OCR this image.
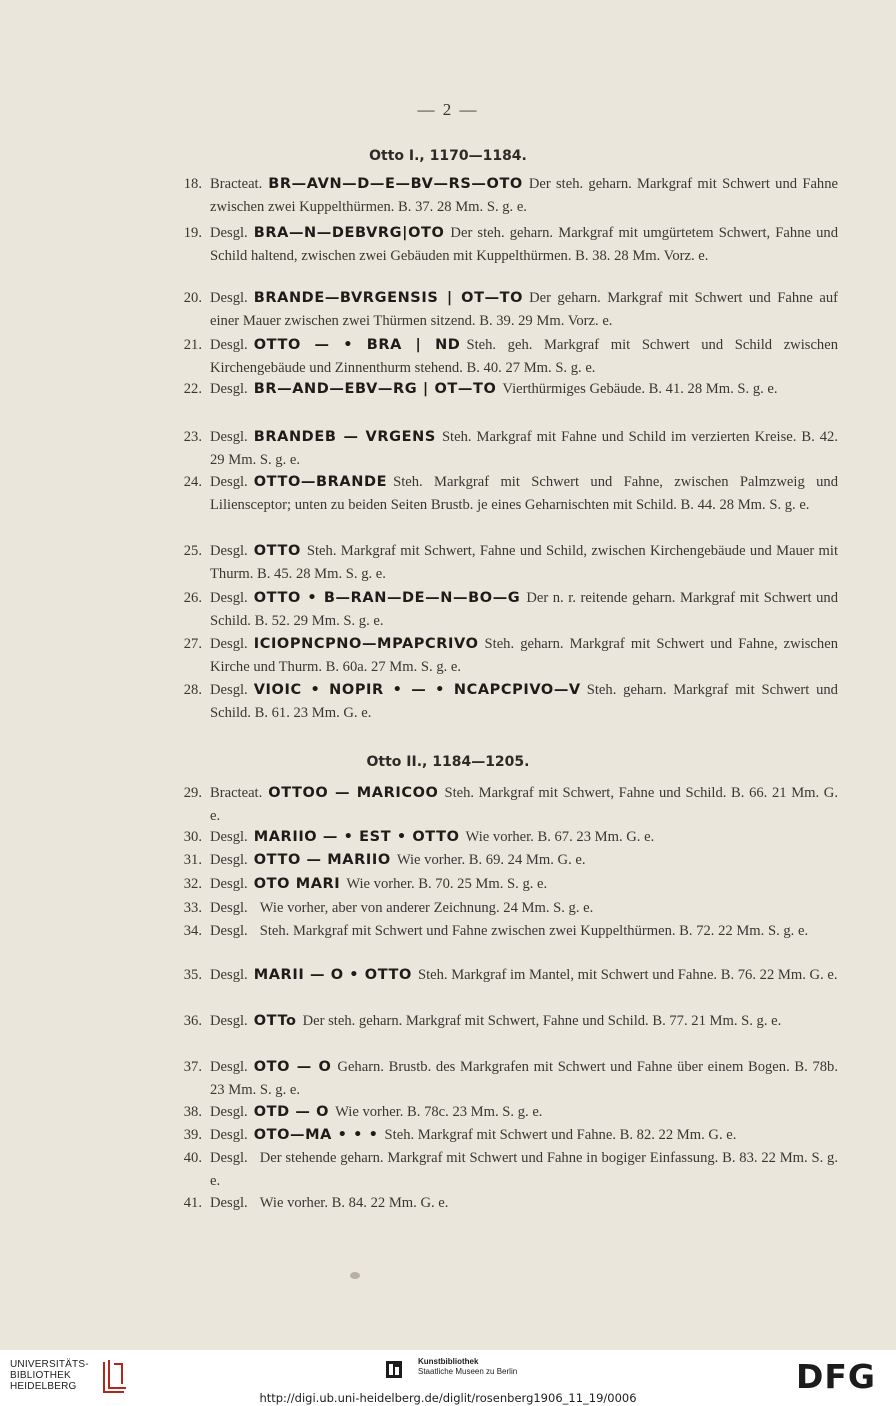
— 2 —
Otto I., 1170—1184.
Otto II., 1184—1205.
18. Bracteat. BR—AVN—D—E—BV—RS—OTO Der steh. geharn. Markgraf mit Schwert und Fahne zwischen zwei Kuppelthürmen. B. 37. 28 Mm. S. g. e.
19. Desgl. BRA—N—DEBVRG|OTO Der steh. geharn. Markgraf mit umgürtetem Schwert, Fahne und Schild haltend, zwischen zwei Gebäuden mit Kuppelthürmen. B. 38. 28 Mm. Vorz. e.
20. Desgl. BRANDE—BVRGENSIS | OT—TO Der geharn. Markgraf mit Schwert und Fahne auf einer Mauer zwischen zwei Thürmen sitzend. B. 39. 29 Mm. Vorz. e.
21. Desgl. OTTO — • BRA | ND Steh. geh. Markgraf mit Schwert und Schild zwischen Kirchengebäude und Zinnenthurm stehend. B. 40. 27 Mm. S. g. e.
22. Desgl. BR—AND—EBV—RG | OT—TO Vierthürmiges Gebäude. B. 41. 28 Mm. S. g. e.
23. Desgl. BRANDEB — VRGENS Steh. Markgraf mit Fahne und Schild im verzierten Kreise. B. 42. 29 Mm. S. g. e.
24. Desgl. OTTO—BRANDE Steh. Markgraf mit Schwert und Fahne, zwischen Palmzweig und Liliensceptor; unten zu beiden Seiten Brustb. je eines Geharnischten mit Schild. B. 44. 28 Mm. S. g. e.
25. Desgl. OTTO Steh. Markgraf mit Schwert, Fahne und Schild, zwischen Kirchengebäude und Mauer mit Thurm. B. 45. 28 Mm. S. g. e.
26. Desgl. OTTO • B—RAN—DE—N—BO—G Der n. r. reitende geharn. Markgraf mit Schwert und Schild. B. 52. 29 Mm. S. g. e.
27. Desgl. ICIOPNCPNO—MPAPCRIVO Steh. geharn. Markgraf mit Schwert und Fahne, zwischen Kirche und Thurm. B. 60a. 27 Mm. S. g. e.
28. Desgl. VIOIC • NOPIR • — • NCAPCPIVO—V Steh. geharn. Markgraf mit Schwert und Schild. B. 61. 23 Mm. G. e.
29. Bracteat. OTTOO — MARICOO Steh. Markgraf mit Schwert, Fahne und Schild. B. 66. 21 Mm. G. e.
30. Desgl. MARIIO — • EST • OTTO Wie vorher. B. 67. 23 Mm. G. e.
31. Desgl. OTTO — MARIIO Wie vorher. B. 69. 24 Mm. G. e.
32. Desgl. OTO MARI Wie vorher. B. 70. 25 Mm. S. g. e.
33. Desgl. Wie vorher, aber von anderer Zeichnung. 24 Mm. S. g. e.
34. Desgl. Steh. Markgraf mit Schwert und Fahne zwischen zwei Kuppelthürmen. B. 72. 22 Mm. S. g. e.
35. Desgl. MARII — O • OTTO Steh. Markgraf im Mantel, mit Schwert und Fahne. B. 76. 22 Mm. G. e.
36. Desgl. OTTo Der steh. geharn. Markgraf mit Schwert, Fahne und Schild. B. 77. 21 Mm. S. g. e.
37. Desgl. OTO — O Geharn. Brustb. des Markgrafen mit Schwert und Fahne über einem Bogen. B. 78b. 23 Mm. S. g. e.
38. Desgl. OTD — O Wie vorher. B. 78c. 23 Mm. S. g. e.
39. Desgl. OTO—MA • • • Steh. Markgraf mit Schwert und Fahne. B. 82. 22 Mm. G. e.
40. Desgl. Der stehende geharn. Markgraf mit Schwert und Fahne in bogiger Einfassung. B. 83. 22 Mm. S. g. e.
41. Desgl. Wie vorher. B. 84. 22 Mm. G. e.
UNIVERSITÄTS-
BIBLIOTHEK
HEIDELBERG
Kunstbibliothek
Staatliche Museen zu Berlin	DFG
http://digi.ub.uni-heidelberg.de/diglit/rosenberg1906_11_19/0006
